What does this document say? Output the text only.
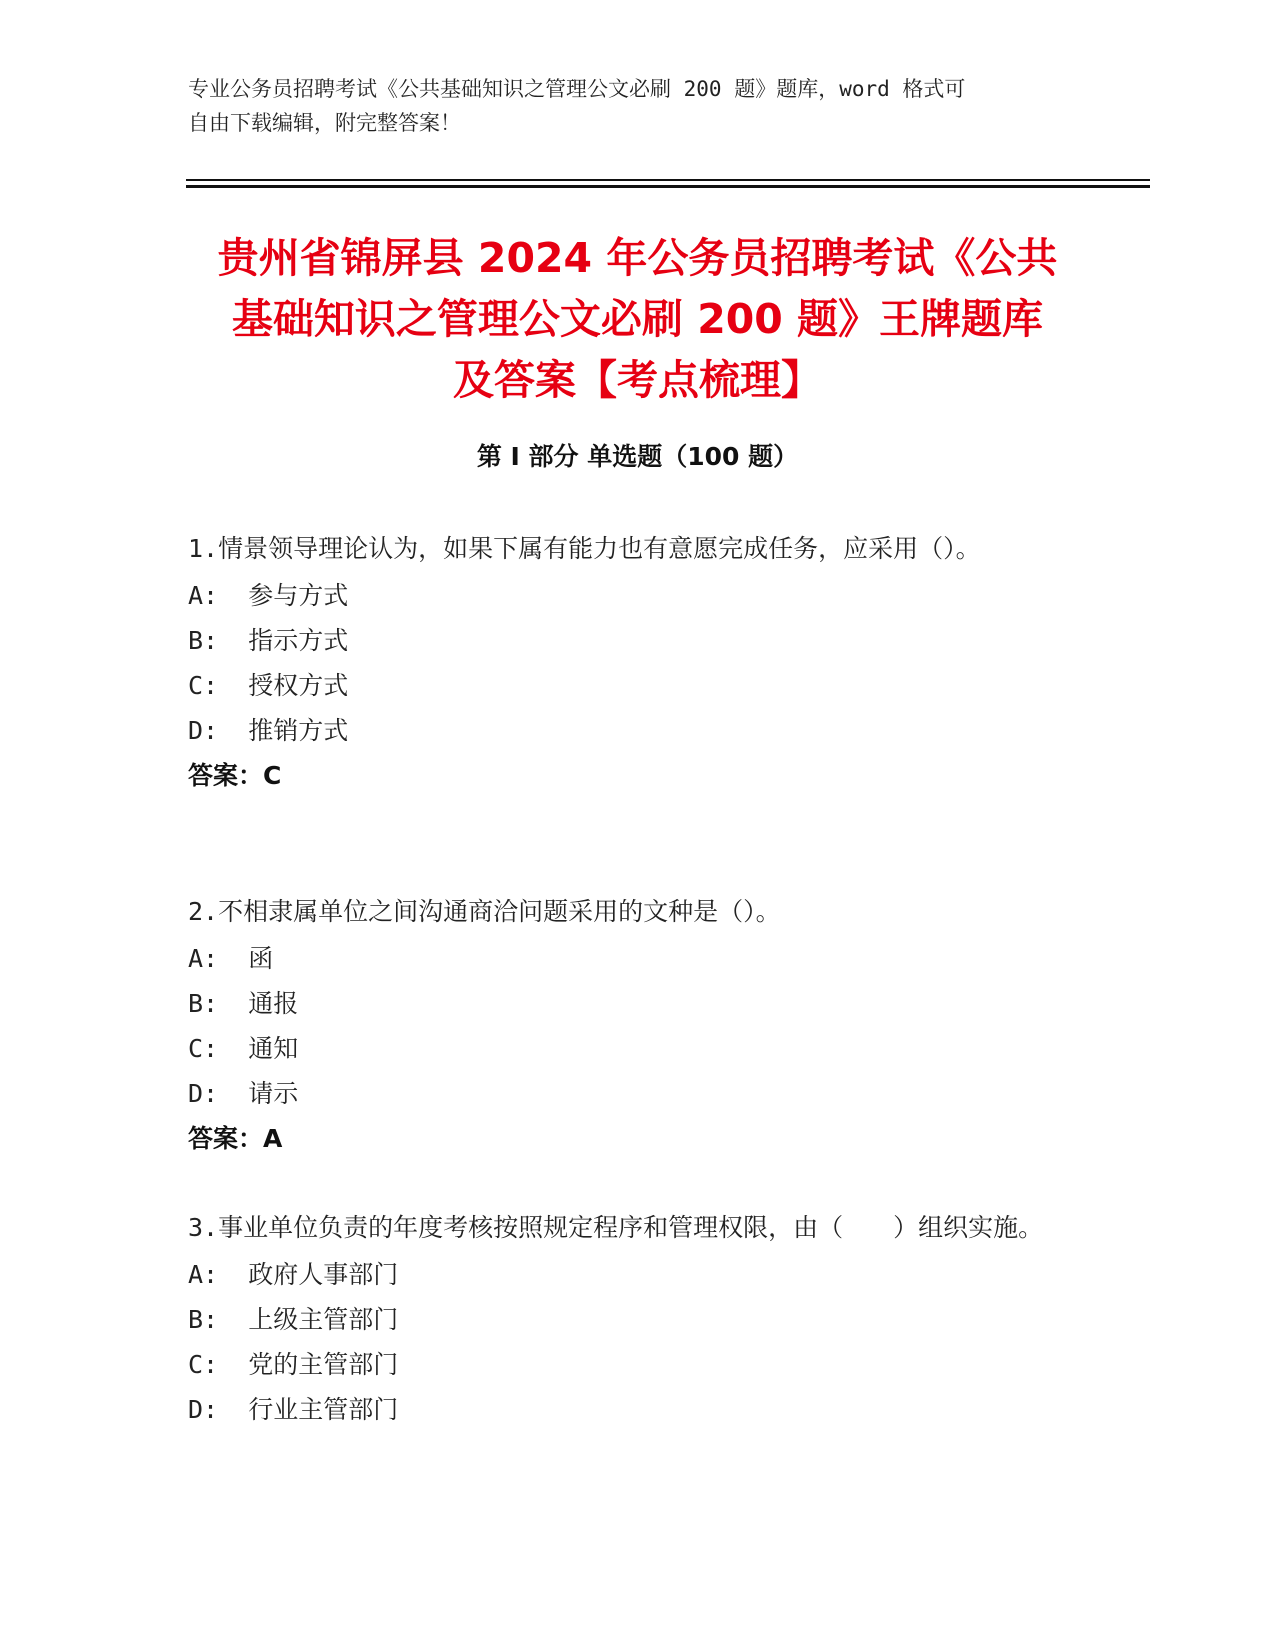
专业公务员招聘考试《公共基础知识之管理公文必刷 200 题》题库，word 格式可
自由下载编辑，附完整答案！
贵州省锦屏县 2024 年公务员招聘考试《公共
基础知识之管理公文必刷 200 题》王牌题库
及答案【考点梳理】
第 I 部分 单选题（100 题）

1.情景领导理论认为，如果下属有能力也有意愿完成任务，应采用（）。

A:  参与方式

B:  指示方式

C:  授权方式

D:  推销方式

答案：C

2.不相隶属单位之间沟通商洽问题采用的文种是（）。

A:  函

B:  通报

C:  通知

D:  请示

答案：A

3.事业单位负责的年度考核按照规定程序和管理权限，由（　　）组织实施。

A:  政府人事部门

B:  上级主管部门

C:  党的主管部门

D:  行业主管部门
